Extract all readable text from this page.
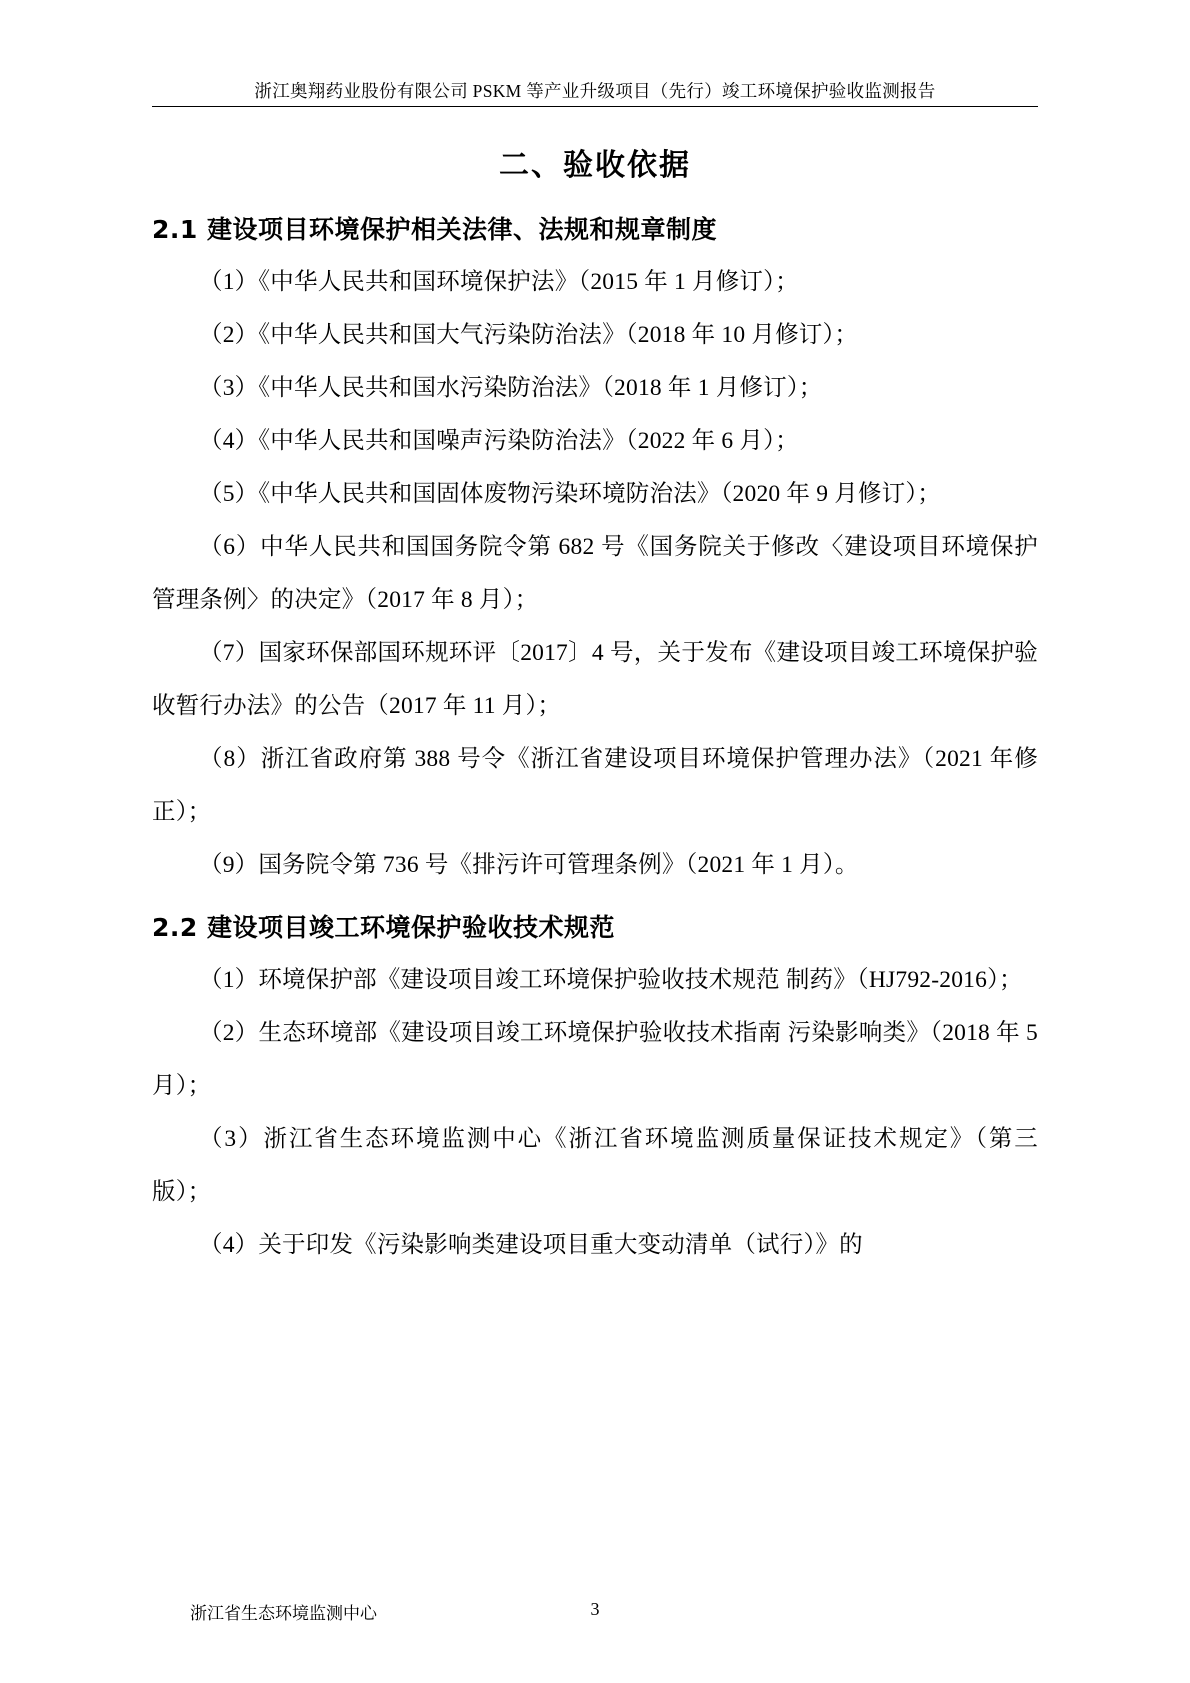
浙江奥翔药业股份有限公司 PSKM 等产业升级项目（先行）竣工环境保护验收监测报告
二、验收依据
2.1 建设项目环境保护相关法律、法规和规章制度

（1）《中华人民共和国环境保护法》（2015 年 1 月修订）；

（2）《中华人民共和国大气污染防治法》（2018 年 10 月修订）；

（3）《中华人民共和国水污染防治法》（2018 年 1 月修订）；

（4）《中华人民共和国噪声污染防治法》（2022 年 6 月）；

（5）《中华人民共和国固体废物污染环境防治法》（2020 年 9 月修订）；

（6）中华人民共和国国务院令第 682 号《国务院关于修改〈建设项目环境保护管理条例〉的决定》（2017 年 8 月）；

（7）国家环保部国环规环评〔2017〕4 号，关于发布《建设项目竣工环境保护验收暂行办法》的公告（2017 年 11 月）；

（8）浙江省政府第 388 号令《浙江省建设项目环境保护管理办法》（2021 年修正）；

（9）国务院令第 736 号《排污许可管理条例》（2021 年 1 月）。

2.2 建设项目竣工环境保护验收技术规范

（1）环境保护部《建设项目竣工环境保护验收技术规范 制药》（HJ792-2016）；

（2）生态环境部《建设项目竣工环境保护验收技术指南 污染影响类》（2018 年 5 月）；

（3）浙江省生态环境监测中心《浙江省环境监测质量保证技术规定》（第三版）；

（4）关于印发《污染影响类建设项目重大变动清单（试行）》的

浙江省生态环境监测中心	3
